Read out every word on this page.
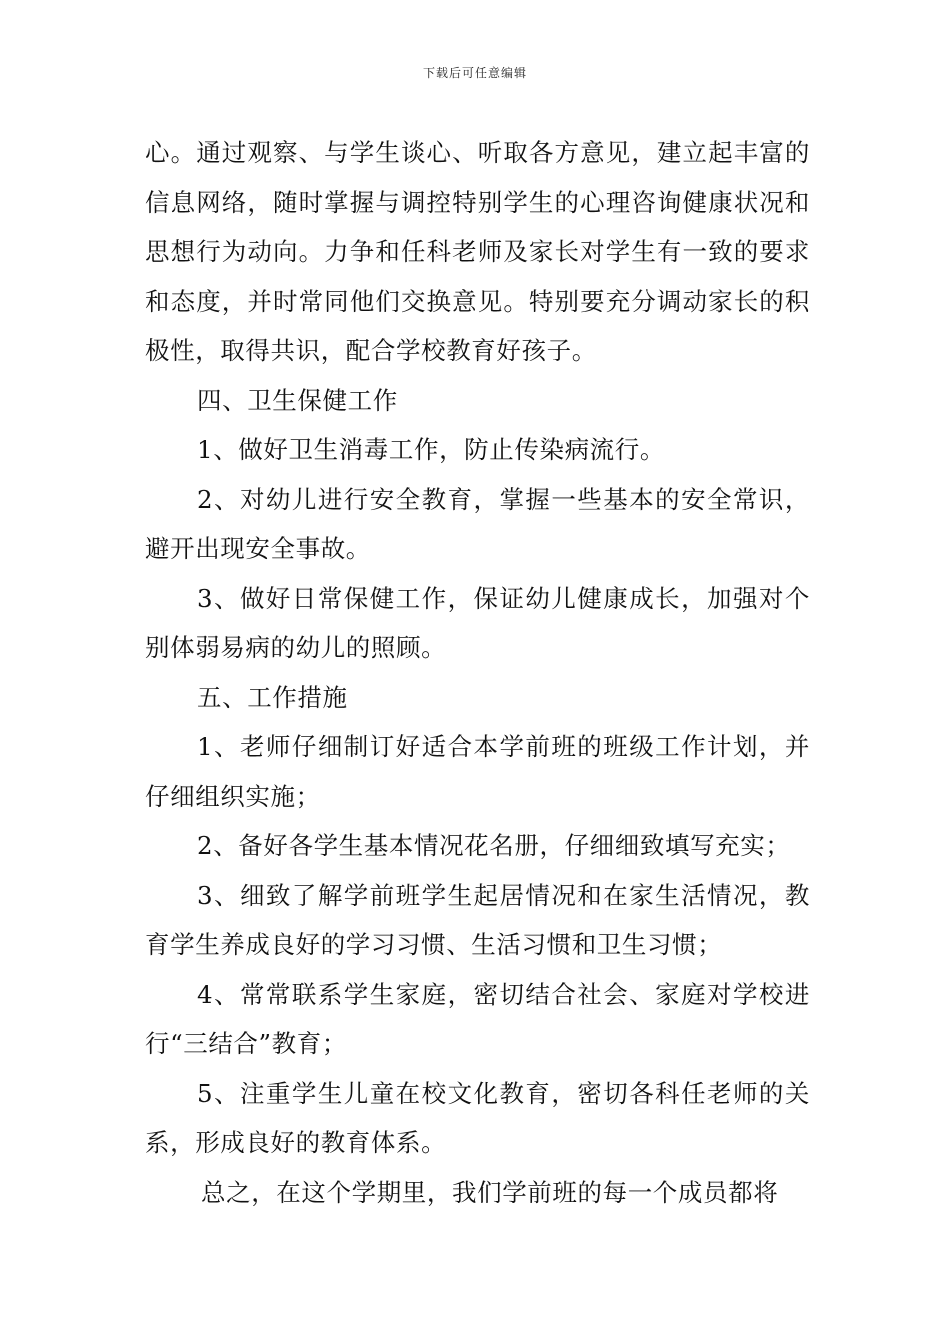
下载后可任意编辑

心。通过观察、与学生谈心、听取各方意见，建立起丰富的信息网络，随时掌握与调控特别学生的心理咨询健康状况和思想行为动向。力争和任科老师及家长对学生有一致的要求和态度，并时常同他们交换意见。特别要充分调动家长的积极性，取得共识，配合学校教育好孩子。

四、卫生保健工作

1、做好卫生消毒工作，防止传染病流行。

2、对幼儿进行安全教育，掌握一些基本的安全常识，避开出现安全事故。

3、做好日常保健工作，保证幼儿健康成长，加强对个别体弱易病的幼儿的照顾。

五、工作措施

1、老师仔细制订好适合本学前班的班级工作计划，并仔细组织实施；

2、备好各学生基本情况花名册，仔细细致填写充实；

3、细致了解学前班学生起居情况和在家生活情况，教育学生养成良好的学习习惯、生活习惯和卫生习惯；

4、常常联系学生家庭，密切结合社会、家庭对学校进行“三结合”教育；

5、注重学生儿童在校文化教育，密切各科任老师的关系，形成良好的教育体系。

总之，在这个学期里，我们学前班的每一个成员都将
